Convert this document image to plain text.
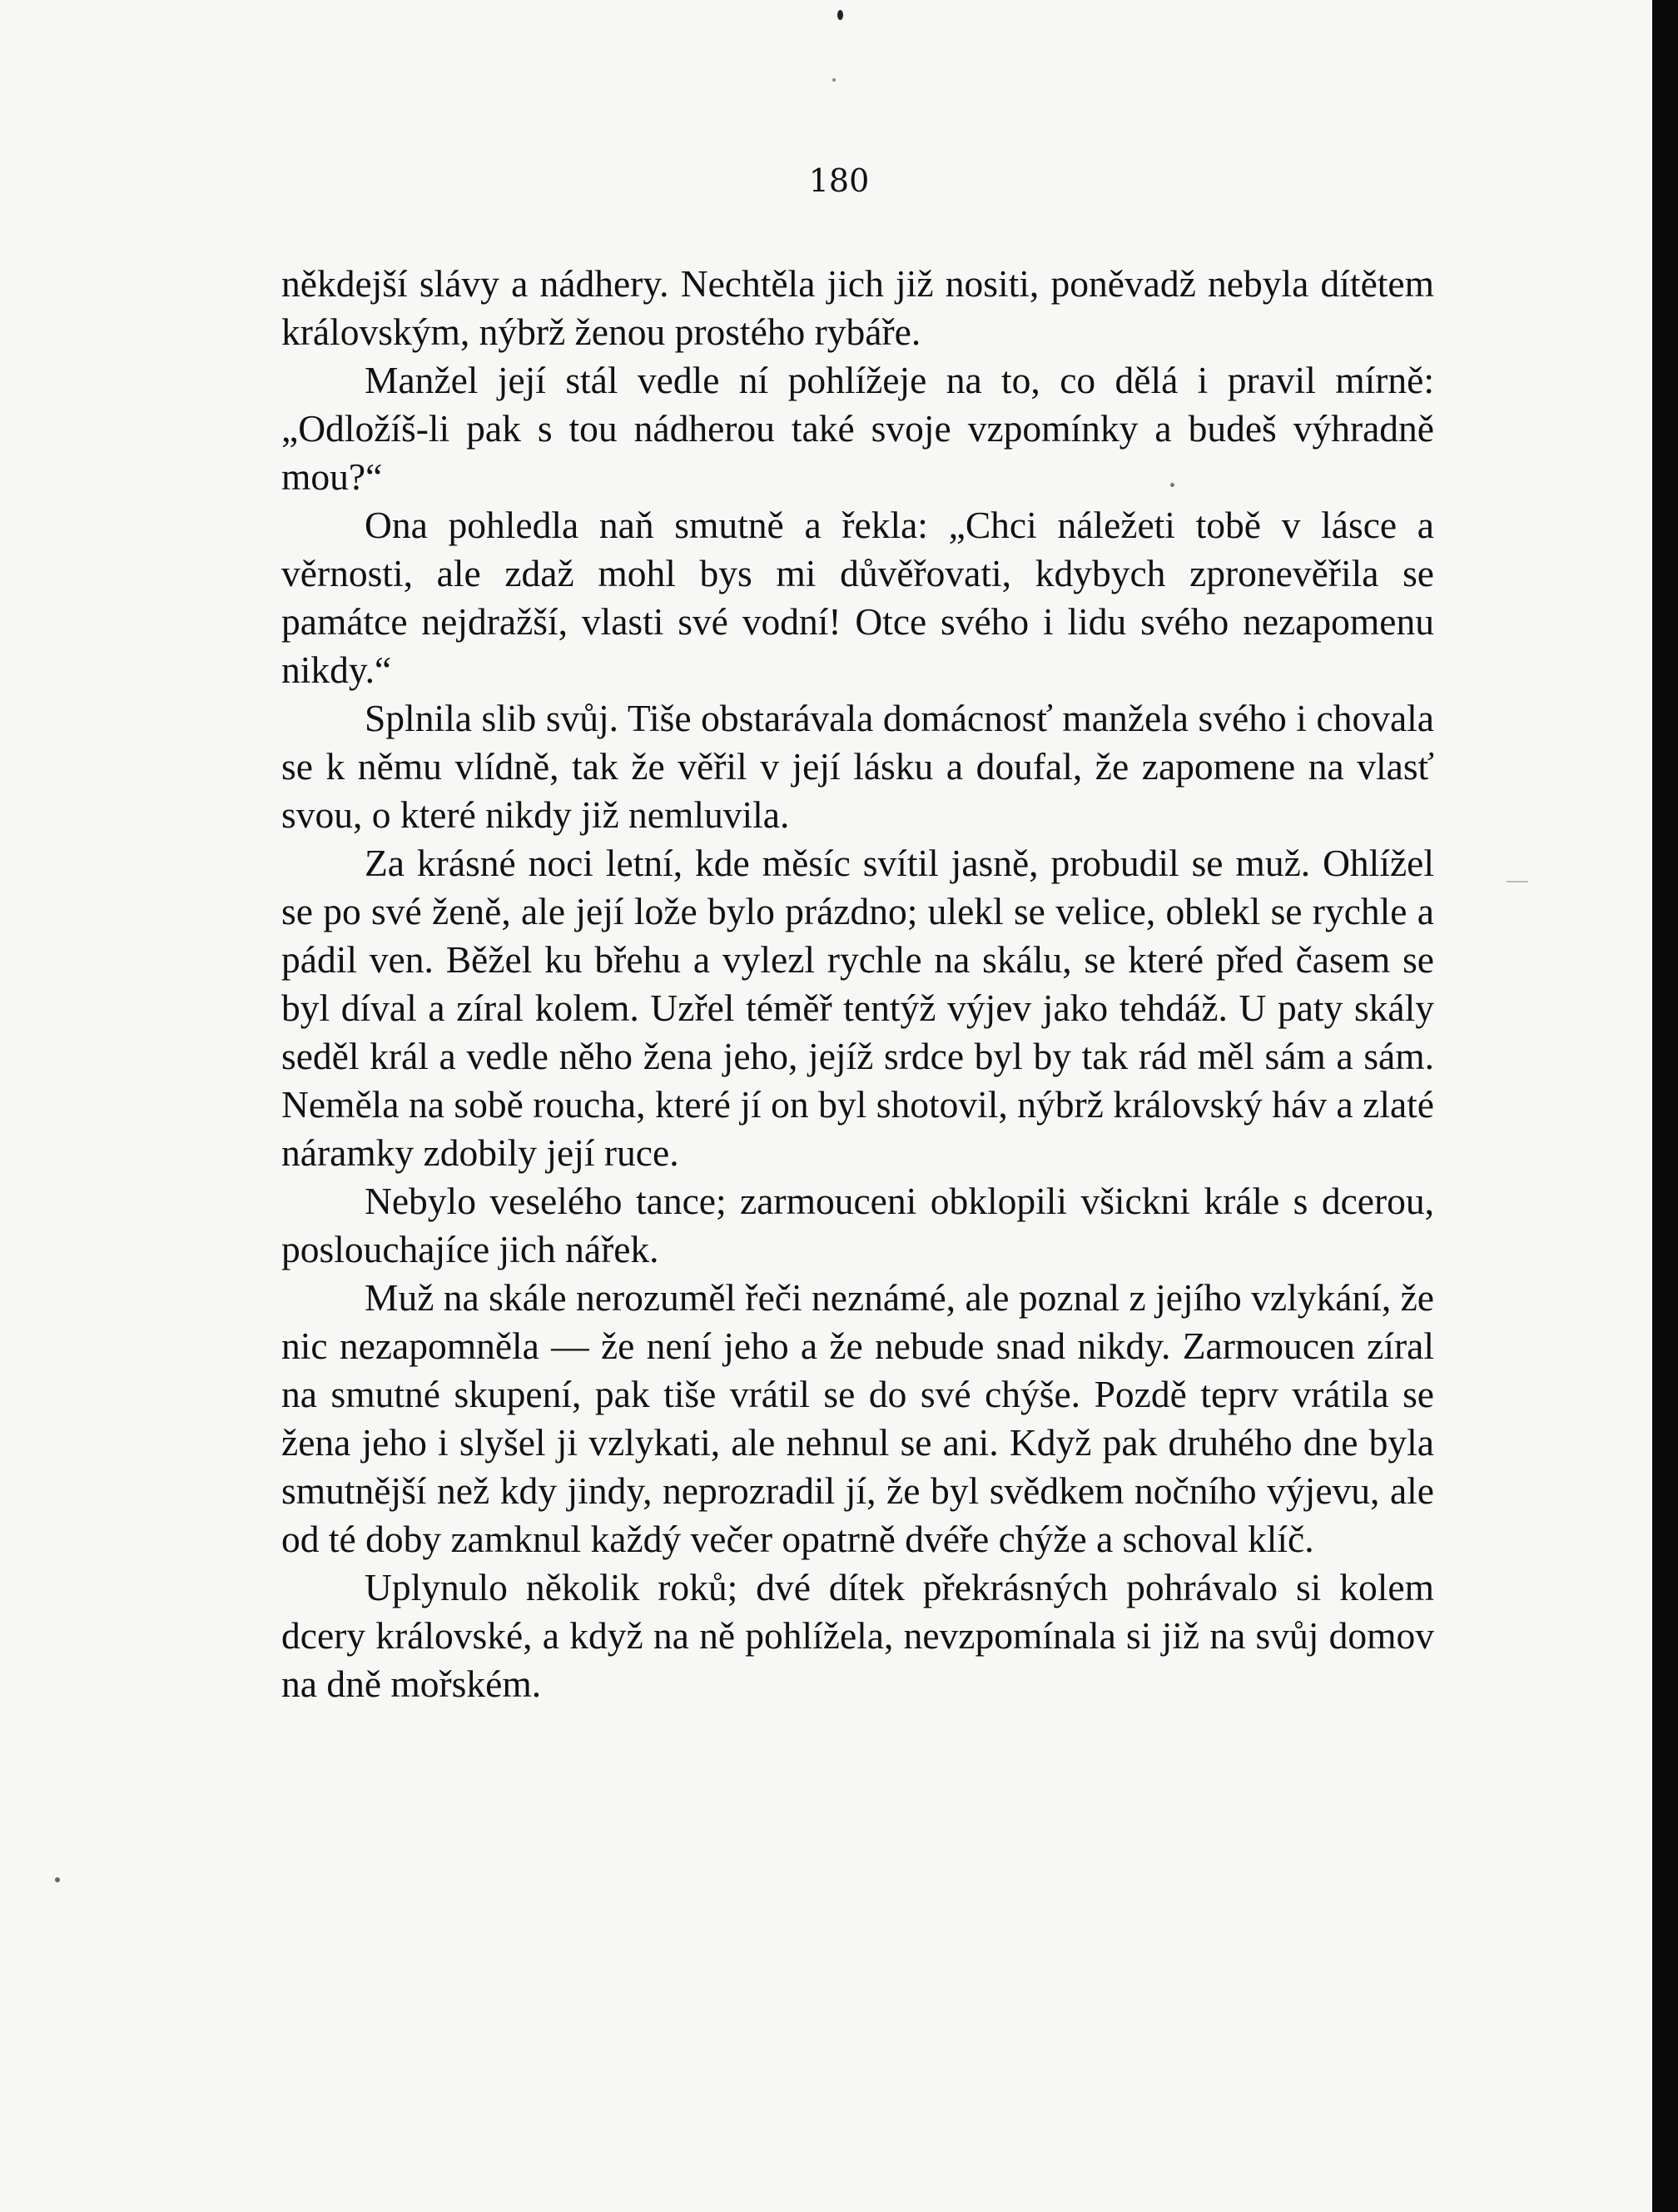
180

někdejší slávy a nádhery. Nechtěla jich již nositi, poněvadž nebyla dítětem královským, nýbrž ženou prostého rybáře.

Manžel její stál vedle ní pohlížeje na to, co dělá i pravil mírně: „Odložíš-li pak s tou nádherou také svoje vzpomínky a budeš výhradně mou?“

Ona pohledla naň smutně a řekla: „Chci náležeti tobě v lásce a věrnosti, ale zdaž mohl bys mi důvěřovati, kdybych zpronevěřila se památce nejdražší, vlasti své vodní! Otce svého i lidu svého nezapomenu nikdy.“

Splnila slib svůj. Tiše obstarávala domácnosť manžela svého i chovala se k němu vlídně, tak že věřil v její lásku a doufal, že zapomene na vlasť svou, o které nikdy již nemluvila.

Za krásné noci letní, kde měsíc svítil jasně, probudil se muž. Ohlížel se po své ženě, ale její lože bylo prázdno; ulekl se velice, oblekl se rychle a pádil ven. Běžel ku břehu a vylezl rychle na skálu, se které před časem se byl díval a zíral kolem. Uzřel téměř tentýž výjev jako tehdáž. U paty skály seděl král a vedle něho žena jeho, jejíž srdce byl by tak rád měl sám a sám. Neměla na sobě roucha, které jí on byl shotovil, nýbrž královský háv a zlaté náramky zdobily její ruce.

Nebylo veselého tance; zarmouceni obklopili všickni krále s dcerou, poslouchajíce jich nářek.

Muž na skále nerozuměl řeči neznámé, ale poznal z jejího vzlykání, že nic nezapomněla — že není jeho a že nebude snad nikdy. Zarmoucen zíral na smutné skupení, pak tiše vrátil se do své chýše. Pozdě teprv vrátila se žena jeho i slyšel ji vzlykati, ale nehnul se ani. Když pak druhého dne byla smutnější než kdy jindy, neprozradil jí, že byl svědkem nočního výjevu, ale od té doby zamknul každý večer opatrně dvéře chýže a schoval klíč.

Uplynulo několik roků; dvé dítek překrásných pohrávalo si kolem dcery královské, a když na ně pohlížela, nevzpomínala si již na svůj domov na dně mořském.
